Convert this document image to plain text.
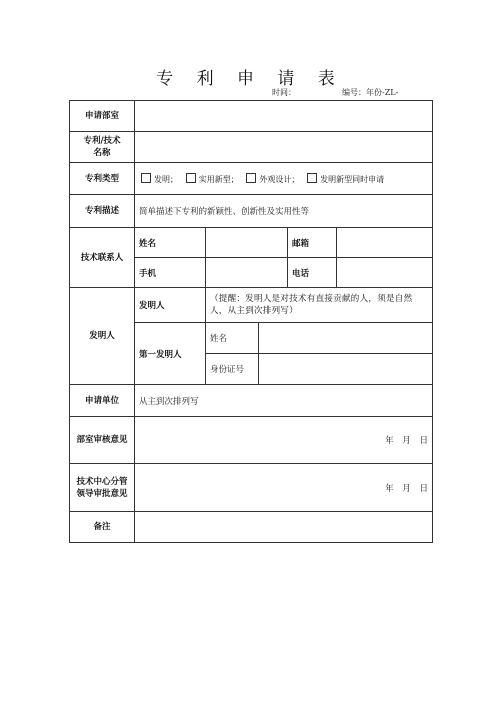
专 利 申 请 表
时间：	编号：年份-ZL-
申请部室					

专利/技术
名称					

专利类型	发明； 实用新型； 外观设计； 发明新型同时申请				
专利描述	简单描述下专利的新颖性、创新性及实用性等				
技术联系人	姓名			邮箱	
	手机			电话	
发明人	发明人	（提醒：发明人是对技术有直接贡献的人，须是自然人，从主到次排列写）			
	第一发明人	姓名			
		身份证号			
申请单位	从主到次排列写				
部室审核意见	年 月 日				

技术中心分管
领导审批意见	年 月 日				
备注					
